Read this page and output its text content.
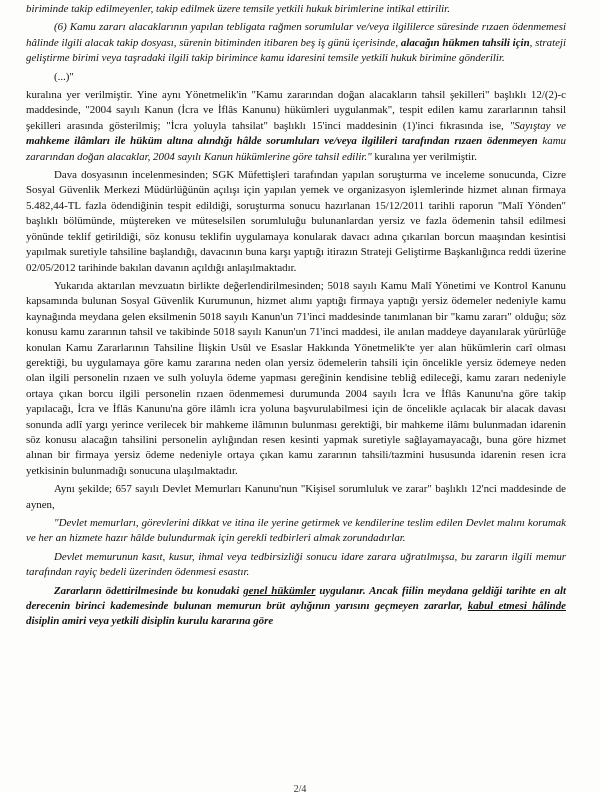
biriminde takip edilmeyenler, takip edilmek üzere temsile yetkili hukuk birimlerine intikal ettirilir.

(6) Kamu zararı alacaklarının yapılan tebligata rağmen sorumlular ve/veya ilgililerce süresinde rızaen ödenmemesi hâlinde ilgili alacak takip dosyası, sürenin bitiminden itibaren beş iş günü içerisinde, alacağın hükmen tahsili için, strateji geliştirme birimi veya taşradaki ilgili takip birimince kamu idaresini temsile yetkili hukuk birimine gönderilir.

(...)"

kuralına yer verilmiştir. Yine aynı Yönetmelik'in "Kamu zararından doğan alacakların tahsil şekilleri" başlıklı 12/(2)-c maddesinde, "2004 sayılı Kanun (İcra ve İflâs Kanunu) hükümleri uygulanmak", tespit edilen kamu zararlarının tahsil şekilleri arasında gösterilmiş; "İcra yoluyla tahsilat" başlıklı 15'inci maddesinin (1)'inci fıkrasında ise, "Sayıştay ve mahkeme ilâmları ile hüküm altına alındığı hâlde sorumluları ve/veya ilgilileri tarafından rızaen ödenmeyen kamu zararından doğan alacaklar, 2004 sayılı Kanun hükümlerine göre tahsil edilir." kuralına yer verilmiştir.

Dava dosyasının incelenmesinden; SGK Müfettişleri tarafından yapılan soruşturma ve inceleme sonucunda, Cizre Sosyal Güvenlik Merkezi Müdürlüğünün açılışı için yapılan yemek ve organizasyon işlemlerinde hizmet alınan firmaya 5.482,44-TL fazla ödendiğinin tespit edildiği, soruşturma sonucu hazırlanan 15/12/2011 tarihli raporun "Malî Yönden" başlıklı bölümünde, müştereken ve müteselsilen sorumluluğu bulunanlardan yersiz ve fazla ödemenin tahsil edilmesi yönünde teklif getirildiği, söz konusu teklifin uygulamaya konularak davacı adına çıkarılan borcun maaşından kesintisi yapılmak suretiyle tahsiline başlandığı, davacının buna karşı yaptığı itirazın Strateji Geliştirme Başkanlığınca reddi üzerine 02/05/2012 tarihinde bakılan davanın açıldığı anlaşılmaktadır.

Yukarıda aktarılan mevzuatın birlikte değerlendirilmesinden; 5018 sayılı Kamu Malî Yönetimi ve Kontrol Kanunu kapsamında bulunan Sosyal Güvenlik Kurumunun, hizmet alımı yaptığı firmaya yaptığı yersiz ödemeler nedeniyle kamu kaynağında meydana gelen eksilmenin 5018 sayılı Kanun'un 71'inci maddesinde tanımlanan bir "kamu zararı" olduğu; söz konusu kamu zararının tahsil ve takibinde 5018 sayılı Kanun'un 71'inci maddesi, ile anılan maddeye dayanılarak yürürlüğe konulan Kamu Zararlarının Tahsiline İlişkin Usûl ve Esaslar Hakkında Yönetmelik'te yer alan hükümlerin carî olması gerektiği, bu uygulamaya göre kamu zararına neden olan yersiz ödemelerin tahsili için öncelikle yersiz ödemeye neden olan ilgili personelin rızaen ve sulh yoluyla ödeme yapması gereğinin kendisine tebliğ edileceği, kamu zararı nedeniyle ortaya çıkan borcu ilgili personelin rızaen ödenmemesi durumunda 2004 sayılı İcra ve İflâs Kanunu'na göre takip yapılacağı, İcra ve İflâs Kanunu'na göre ilâmlı icra yoluna başvurulabilmesi için de öncelikle açılacak bir alacak davası sonunda adlî yargı yerince verilecek bir mahkeme ilâmının bulunması gerektiği, bir mahkeme ilâmı bulunmadan idarenin söz konusu alacağın tahsilini personelin aylığından resen kesinti yapmak suretiyle sağlayamayacağı, buna göre hizmet alınan bir firmaya yersiz ödeme nedeniyle ortaya çıkan kamu zararının tahsili/tazmini hususunda idarenin resen icra yetkisinin bulunmadığı sonucuna ulaşılmaktadır.

Aynı şekilde; 657 sayılı Devlet Memurları Kanunu'nun "Kişisel sorumluluk ve zarar" başlıklı 12'nci maddesinde de aynen,

"Devlet memurları, görevlerini dikkat ve itina ile yerine getirmek ve kendilerine teslim edilen Devlet malını korumak ve her an hizmete hazır hâlde bulundurmak için gerekli tedbirleri almak zorundadırlar.

Devlet memurunun kasıt, kusur, ihmal veya tedbirsizliği sonucu idare zarara uğratılmışsa, bu zararın ilgili memur tarafından rayiç bedeli üzerinden ödenmesi esastır.

Zararların ödettirilmesinde bu konudaki genel hükümler uygulanır. Ancak fiilin meydana geldiği tarihte en alt derecenin birinci kademesinde bulunan memurun brüt aylığının yarısını geçmeyen zararlar, kabul etmesi hâlinde disiplin amiri veya yetkili disiplin kurulu kararına göre

2/4
